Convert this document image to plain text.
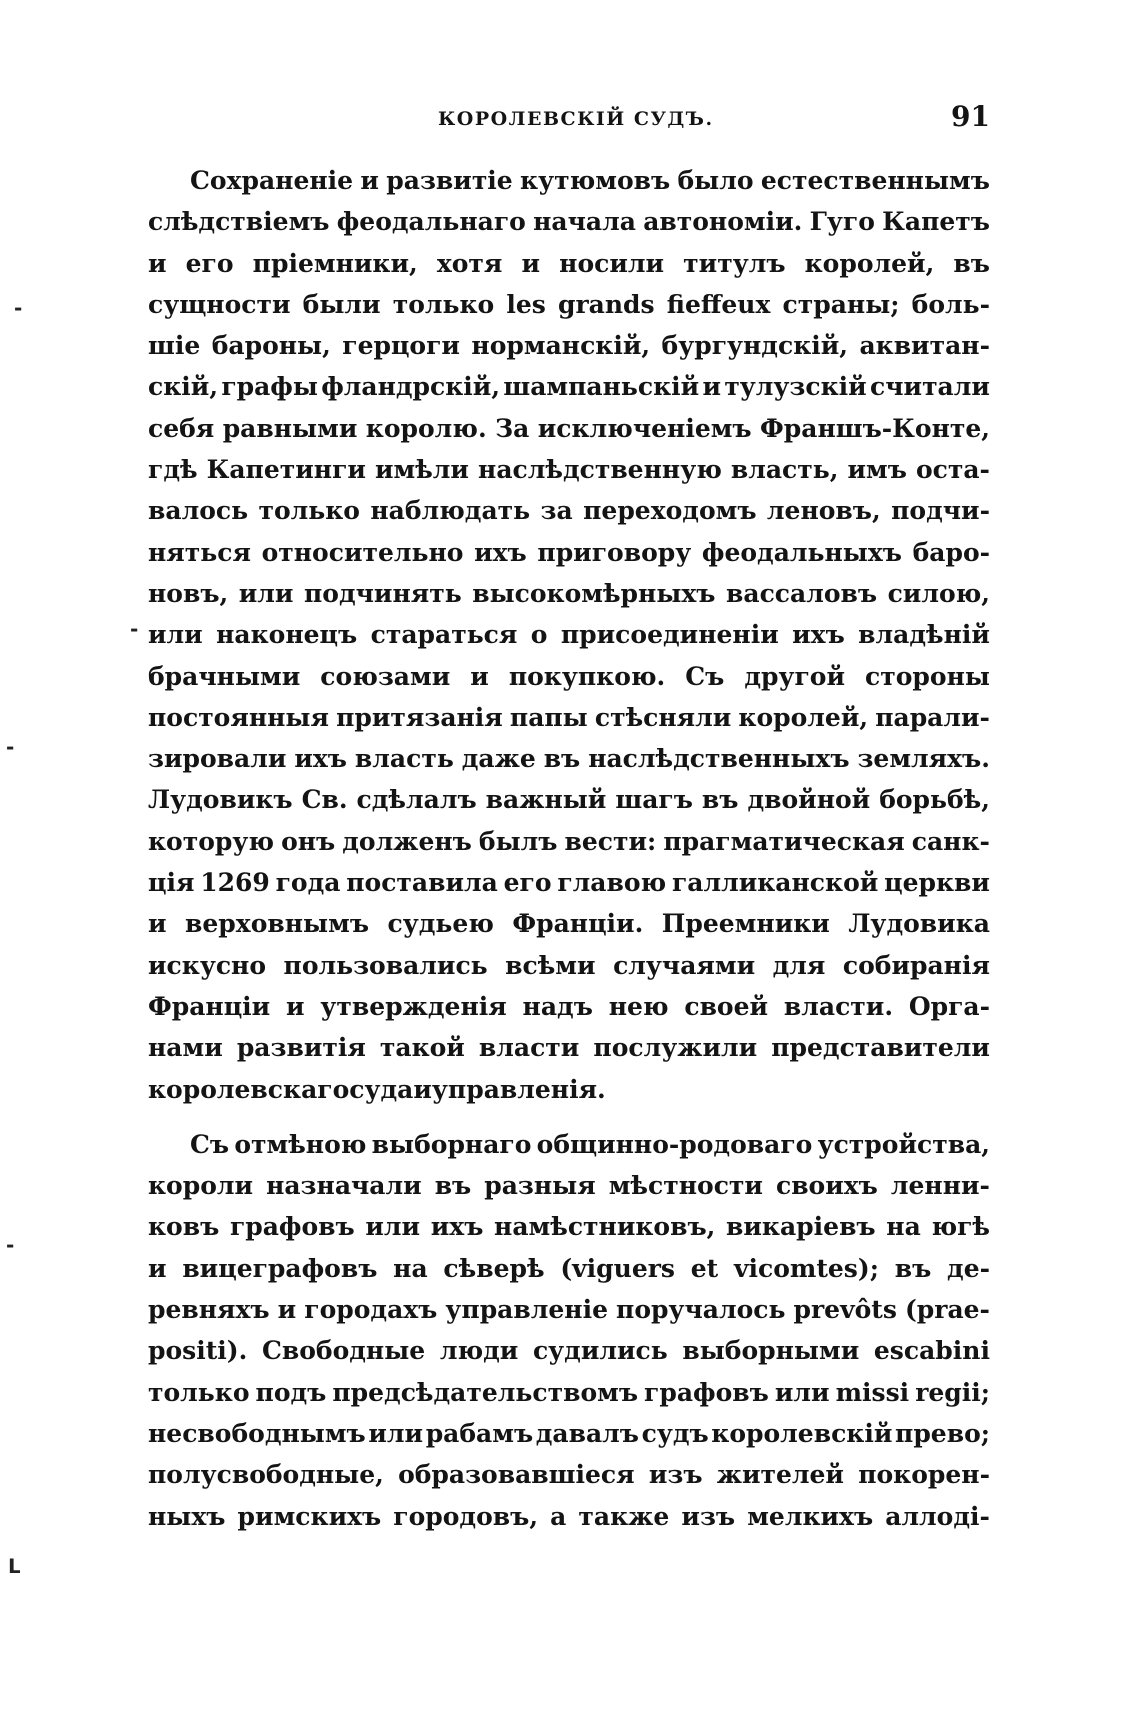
КОРОЛЕВСКІЙ СУДЪ.	91
Сохраненіе и развитіе кутюмовъ было естественнымъ
слѣдствіемъ феодальнаго начала автономіи. Гуго Капетъ
и его пріемники, хотя и носили титулъ королей, въ
сущности были только les grands fieffeux страны; боль-
шіе бароны, герцоги норманскій, бургундскій, аквитан-
скій, графы фландрскій, шампаньскій и тулузскій считали
себя равными королю. За исключеніемъ Франшъ-Конте,
гдѣ Капетинги имѣли наслѣдственную власть, имъ оста-
валось только наблюдать за переходомъ леновъ, подчи-
няться относительно ихъ приговору феодальныхъ баро-
новъ, или подчинять высокомѣрныхъ вассаловъ силою,
или наконецъ стараться о присоединеніи ихъ владѣній
брачными союзами и покупкою. Съ другой стороны
постоянныя притязанія папы стѣсняли королей, парали-
зировали ихъ власть даже въ наслѣдственныхъ земляхъ.
Лудовикъ Св. сдѣлалъ важный шагъ въ двойной борьбѣ,
которую онъ долженъ былъ вести: прагматическая санк-
ція 1269 года поставила его главою галликанской церкви
и верховнымъ судьею Франціи. Преемники Лудовика
искусно пользовались всѣми случаями для собиранія
Франціи и утвержденія надъ нею своей власти. Орга-
нами развитія такой власти послужили представители
королевскаго суда и управленія.
Съ отмѣною выборнаго общинно-родоваго устройства,
короли назначали въ разныя мѣстности своихъ ленни-
ковъ графовъ или ихъ намѣстниковъ, викаріевъ на югѣ
и вицеграфовъ на сѣверѣ (viguers et vicomtes); въ де-
ревняхъ и городахъ управленіе поручалось prevôts (prae-
positi). Свободные люди судились выборными escabini
только подъ предсѣдательствомъ графовъ или missi regii;
несвободнымъ или рабамъ давалъ судъ королевскій прево;
полусвободные, образовавшіеся изъ жителей покорен-
ныхъ римскихъ городовъ, а также изъ мелкихъ аллоді-
-
-
-
-
ᒪ
